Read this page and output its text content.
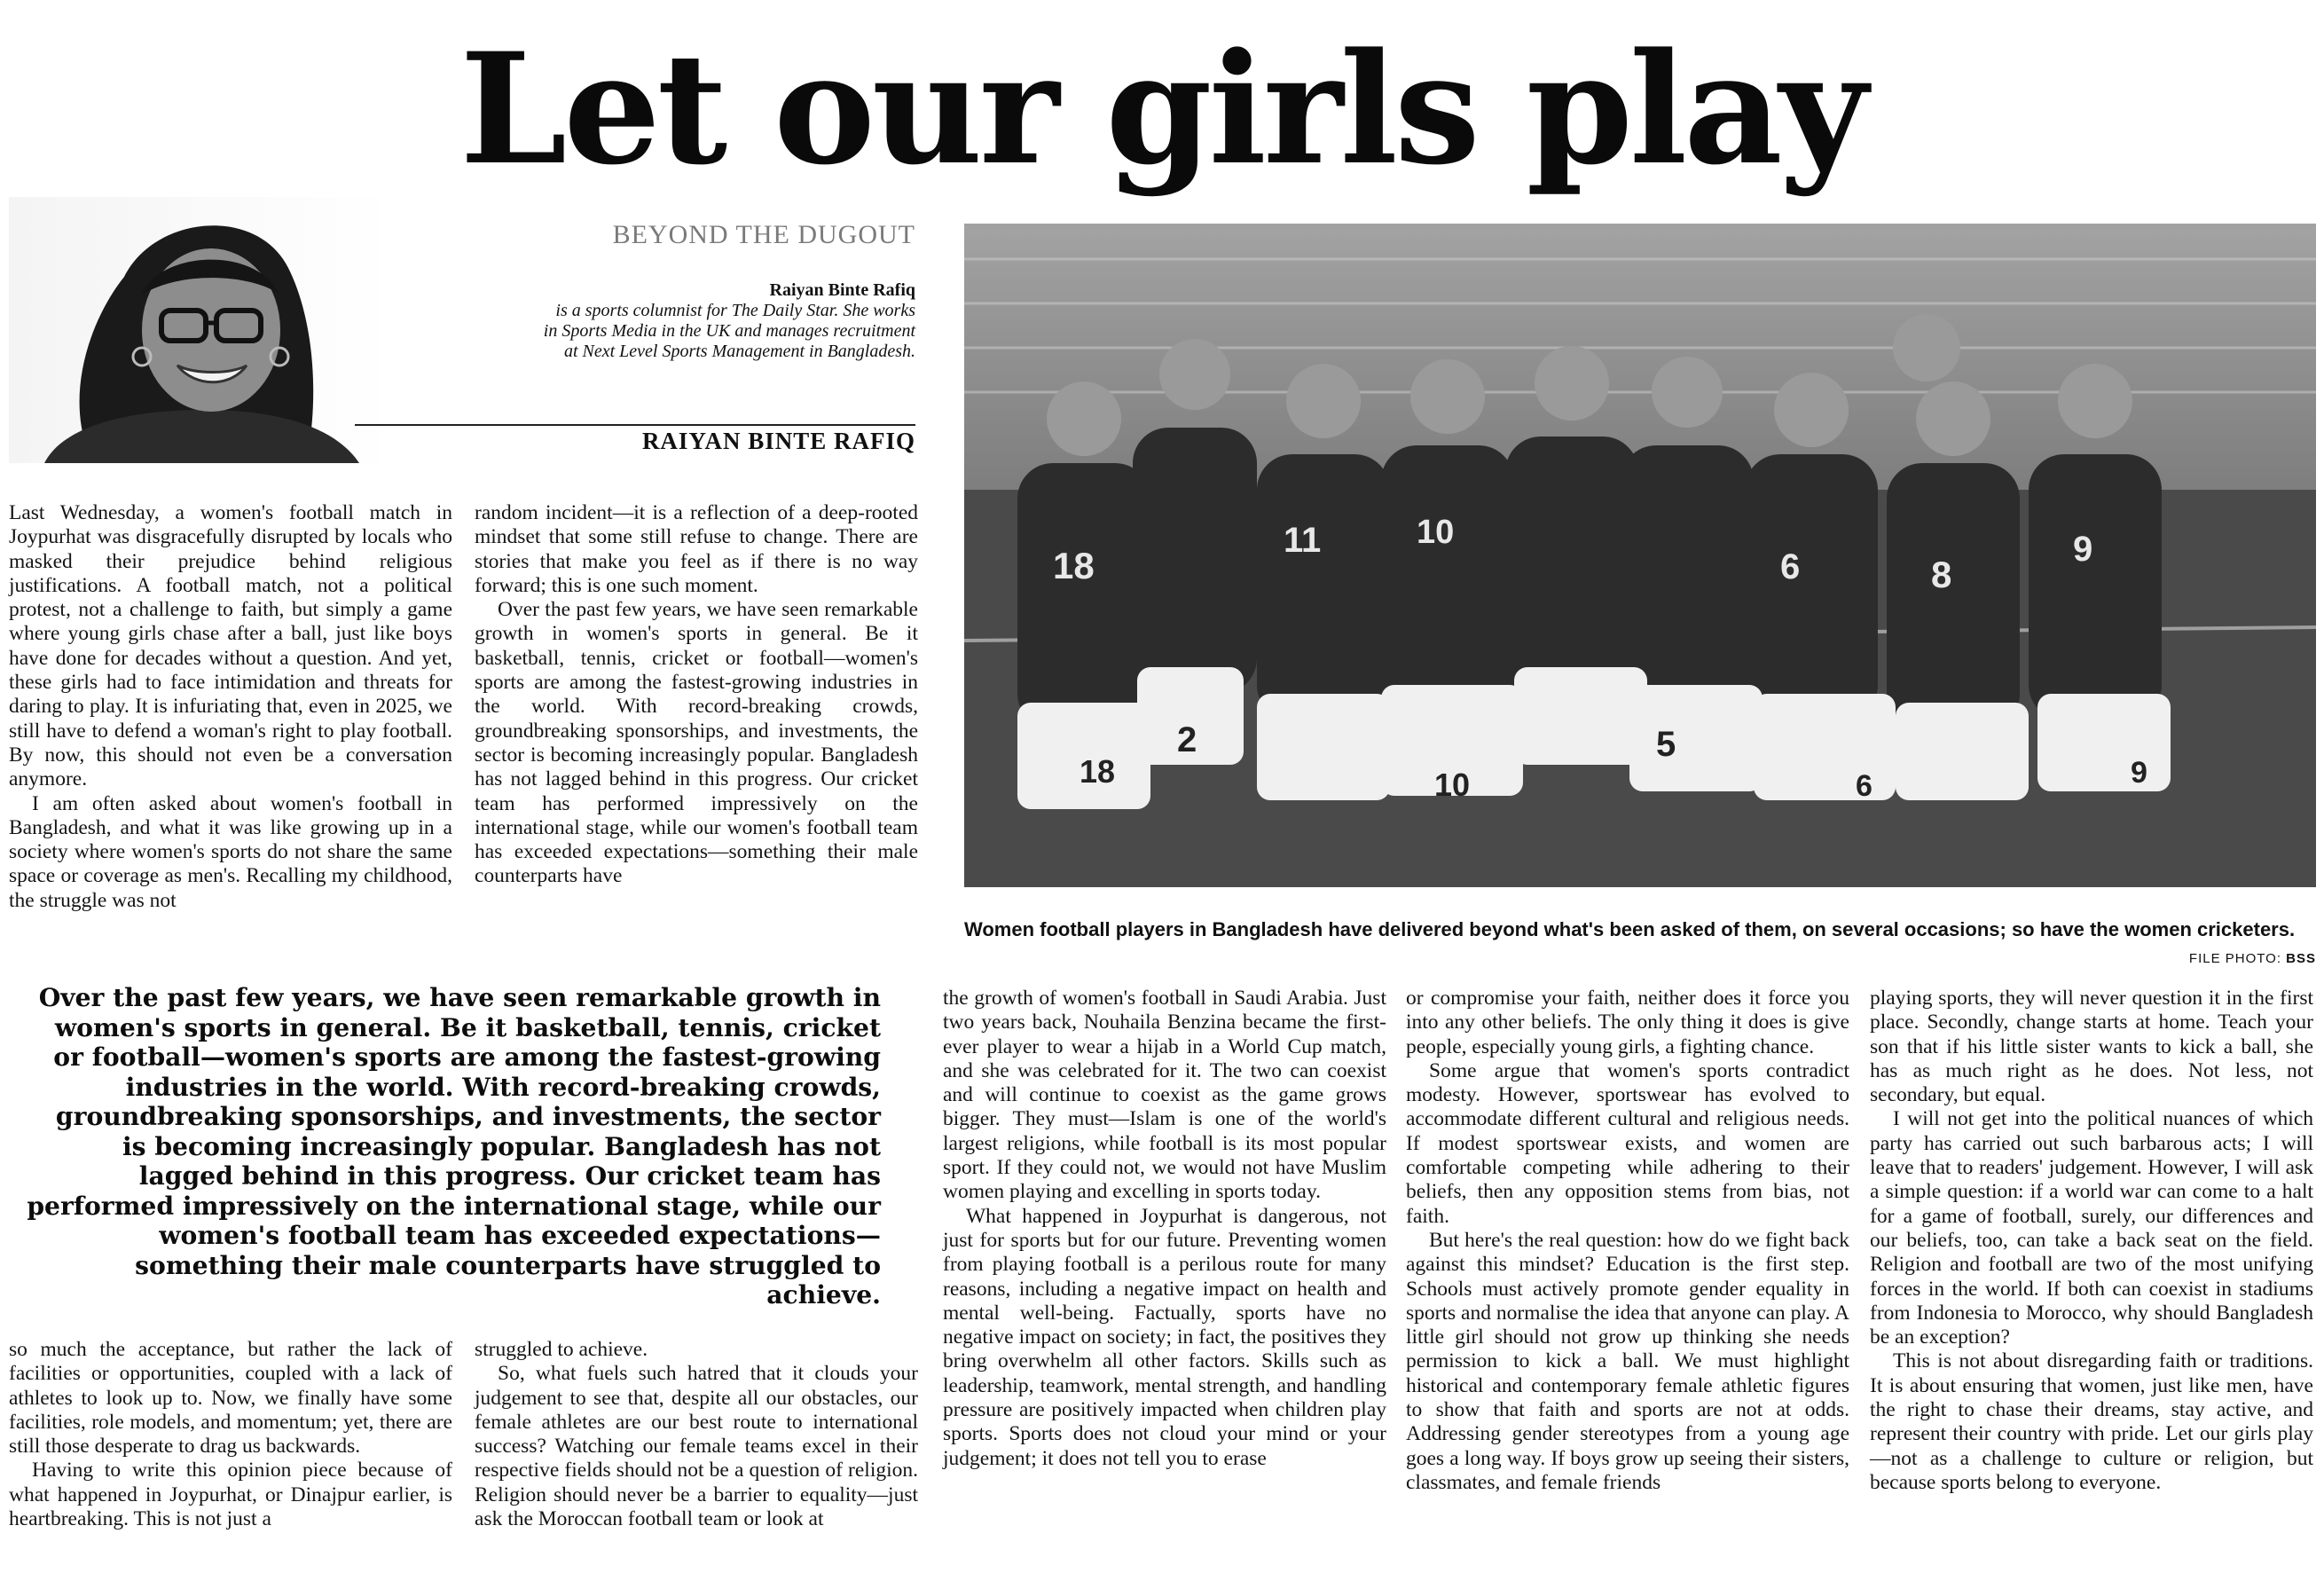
Let our girls play
BEYOND THE DUGOUT
Raiyan Binte Rafiq
is a sports columnist for The Daily Star. She works in Sports Media in the UK and manages recruitment at Next Level Sports Management in Bangladesh.
RAIYAN BINTE RAFIQ
18
2
11	10
5
6	8
9
18	10	6	9
Women football players in Bangladesh have delivered beyond what's been asked of them, on several occasions; so have the women cricketers.
FILE PHOTO: BSS

Last Wednesday, a women's football match in Joypurhat was disgracefully disrupted by locals who masked their prejudice behind religious justifications. A football match, not a political protest, not a challenge to faith, but simply a game where young girls chase after a ball, just like boys have done for decades without a question. And yet, these girls had to face intimidation and threats for daring to play. It is infuriating that, even in 2025, we still have to defend a woman's right to play football. By now, this should not even be a conversation anymore.

I am often asked about women's football in Bangladesh, and what it was like growing up in a society where women's sports do not share the same space or coverage as men's. Recalling my childhood, the struggle was not

random incident—it is a reflection of a deep-rooted mindset that some still refuse to change. There are stories that make you feel as if there is no way forward; this is one such moment.

Over the past few years, we have seen remarkable growth in women's sports in general. Be it basketball, tennis, cricket or football—women's sports are among the fastest-growing industries in the world. With record-breaking crowds, groundbreaking sponsorships, and investments, the sector is becoming increasingly popular. Bangladesh has not lagged behind in this progress. Our cricket team has performed impressively on the international stage, while our women's football team has exceeded expectations—something their male counterparts have

Over the past few years, we have seen remarkable growth in women's sports in general. Be it basketball, tennis, cricket or football—women's sports are among the fastest-growing industries in the world. With record-breaking crowds, groundbreaking sponsorships, and investments, the sector is becoming increasingly popular. Bangladesh has not lagged behind in this progress. Our cricket team has performed impressively on the international stage, while our women's football team has exceeded expectations—something their male counterparts have struggled to achieve.

so much the acceptance, but rather the lack of facilities or opportunities, coupled with a lack of athletes to look up to. Now, we finally have some facilities, role models, and momentum; yet, there are still those desperate to drag us backwards.

Having to write this opinion piece because of what happened in Joypurhat, or Dinajpur earlier, is heartbreaking. This is not just a

struggled to achieve.

So, what fuels such hatred that it clouds your judgement to see that, despite all our obstacles, our female athletes are our best route to international success? Watching our female teams excel in their respective fields should not be a question of religion. Religion should never be a barrier to equality—just ask the Moroccan football team or look at

the growth of women's football in Saudi Arabia. Just two years back, Nouhaila Benzina became the first-ever player to wear a hijab in a World Cup match, and she was celebrated for it. The two can coexist and will continue to coexist as the game grows bigger. They must—Islam is one of the world's largest religions, while football is its most popular sport. If they could not, we would not have Muslim women playing and excelling in sports today.

What happened in Joypurhat is dangerous, not just for sports but for our future. Preventing women from playing football is a perilous route for many reasons, including a negative impact on health and mental well-being. Factually, sports have no negative impact on society; in fact, the positives they bring overwhelm all other factors. Skills such as leadership, teamwork, mental strength, and handling pressure are positively impacted when children play sports. Sports does not cloud your mind or your judgement; it does not tell you to erase

or compromise your faith, neither does it force you into any other beliefs. The only thing it does is give people, especially young girls, a fighting chance.

Some argue that women's sports contradict modesty. However, sportswear has evolved to accommodate different cultural and religious needs. If modest sportswear exists, and women are comfortable competing while adhering to their beliefs, then any opposition stems from bias, not faith.

But here's the real question: how do we fight back against this mindset? Education is the first step. Schools must actively promote gender equality in sports and normalise the idea that anyone can play. A little girl should not grow up thinking she needs permission to kick a ball. We must highlight historical and contemporary female athletic figures to show that faith and sports are not at odds. Addressing gender stereotypes from a young age goes a long way. If boys grow up seeing their sisters, classmates, and female friends

playing sports, they will never question it in the first place. Secondly, change starts at home. Teach your son that if his little sister wants to kick a ball, she has as much right as he does. Not less, not secondary, but equal.

I will not get into the political nuances of which party has carried out such barbarous acts; I will leave that to readers' judgement. However, I will ask a simple question: if a world war can come to a halt for a game of football, surely, our differences and our beliefs, too, can take a back seat on the field. Religion and football are two of the most unifying forces in the world. If both can coexist in stadiums from Indonesia to Morocco, why should Bangladesh be an exception?

This is not about disregarding faith or traditions. It is about ensuring that women, just like men, have the right to chase their dreams, stay active, and represent their country with pride. Let our girls play—not as a challenge to culture or religion, but because sports belong to everyone.
